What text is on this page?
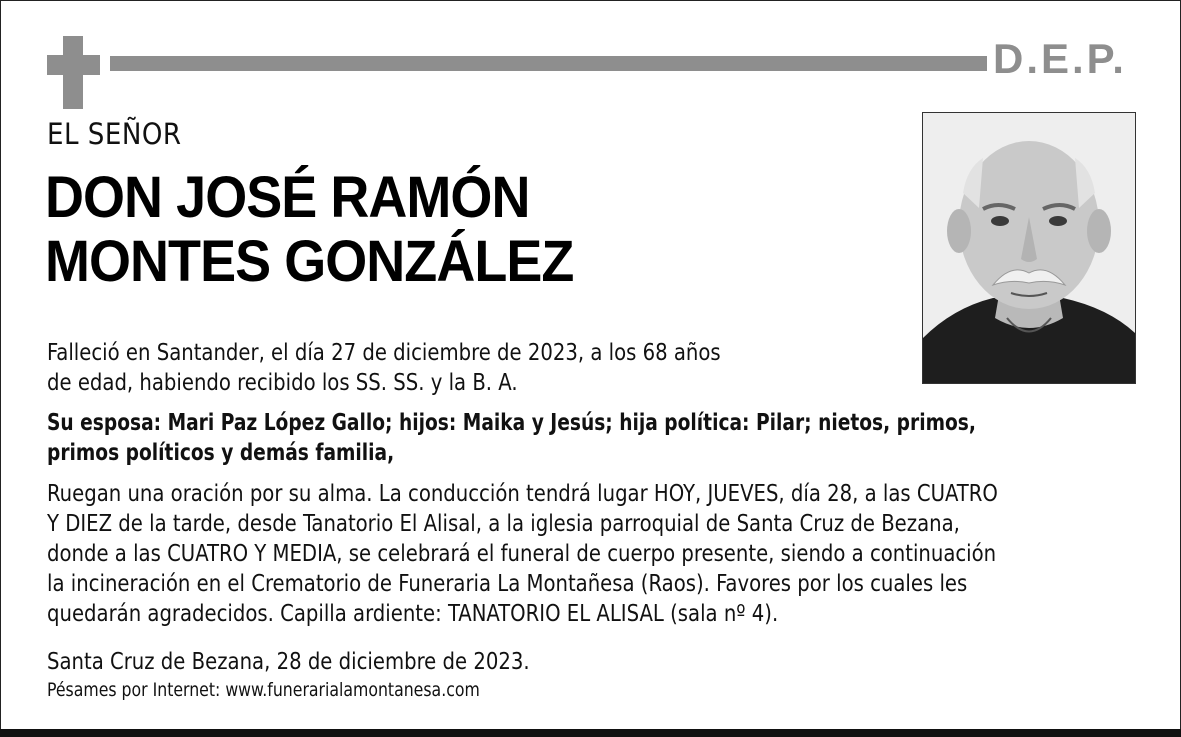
D.E.P.
EL SEÑOR
DON JOSÉ RAMÓN
MONTES GONZÁLEZ
Falleció en Santander, el día 27 de diciembre de 2023, a los 68 años
de edad, habiendo recibido los SS. SS. y la B. A.
Su esposa: Mari Paz López Gallo; hijos: Maika y Jesús; hija política: Pilar; nietos, primos,
primos políticos y demás familia,
Ruegan una oración por su alma. La conducción tendrá lugar HOY, JUEVES, día 28, a las CUATRO
Y DIEZ de la tarde, desde Tanatorio El Alisal, a la iglesia parroquial de Santa Cruz de Bezana,
donde a las CUATRO Y MEDIA, se celebrará el funeral de cuerpo presente, siendo a continuación
la incineración en el Crematorio de Funeraria La Montañesa (Raos). Favores por los cuales les
quedarán agradecidos. Capilla ardiente: TANATORIO EL ALISAL (sala nº 4).
Santa Cruz de Bezana, 28 de diciembre de 2023.
Pésames por Internet: www.funerarialamontanesa.com
